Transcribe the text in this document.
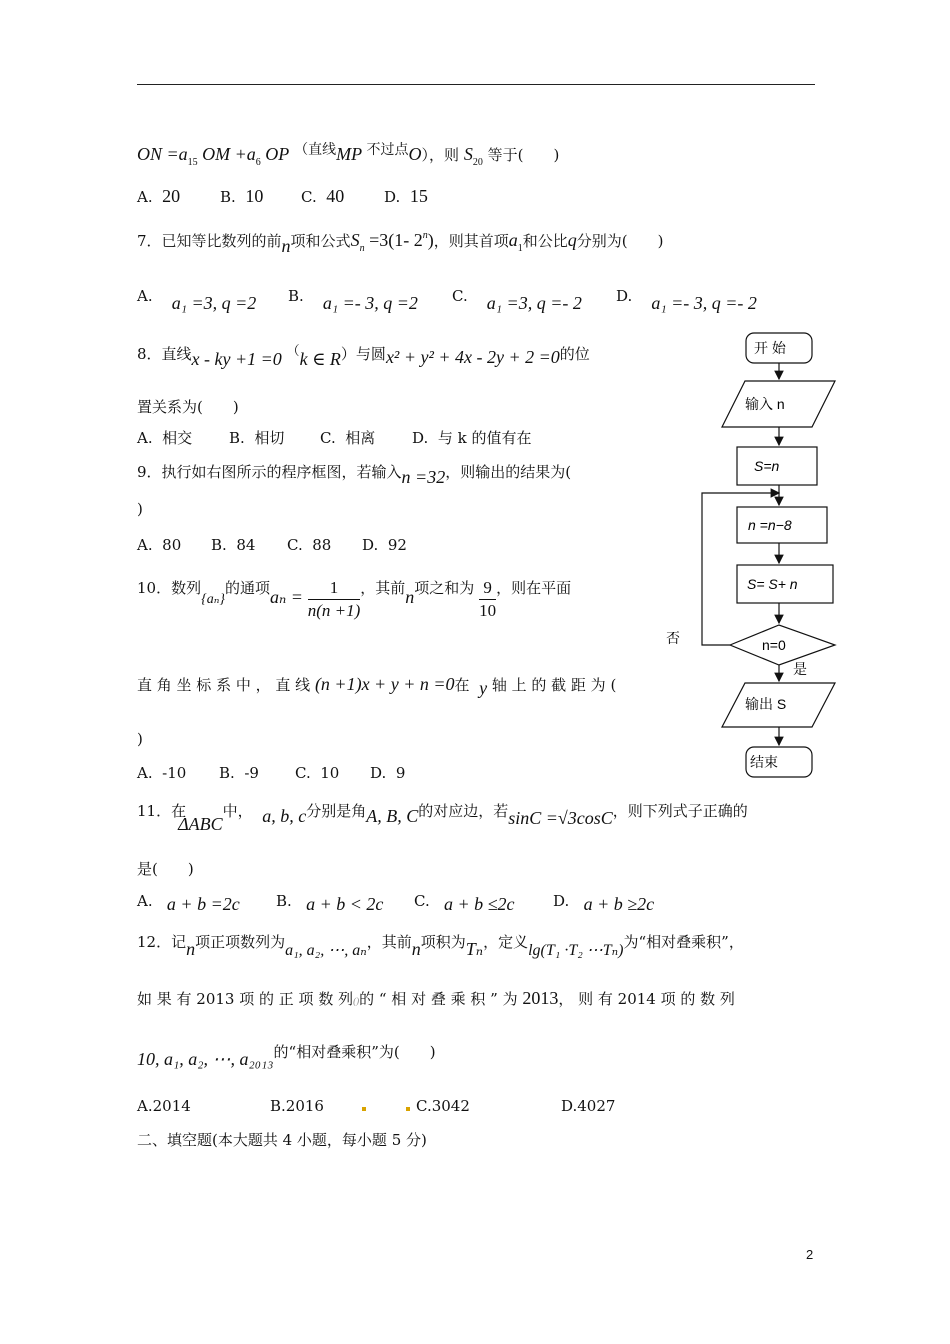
ON $=a_{15}$ OM $+a_6$ OP （直线MP 不过点O），则 $S_{20}$ 等于(　　)
A. 20	B. 10	C. 40	D. 15
7．已知等比数列的前n项和公式$S_n =3(1-$ 2$^n$)，则其首项$a_1$和公比q分别为(　　)
A. a₁ =3, q =2 B. a₁ =- 3, q =2 C. a₁ =3, q =- 2 D. a₁ =- 3, q =- 2
8．直线x - ky +1 =0 （k ∈ R）与圆x² + y² + 4x - 2y + 2 =0的位
置关系为(　　)
A. 相交 B. 相切 C. 相离 D. 与 k 的值有在
9．执行如右图所示的程序框图，若输入n =32，则输出的结果为(
)
A. 80 B. 84 C. 88 D. 92
10．数列{aₙ}的通项$a_n = \frac{1}{n(n +1)}$ ，其前n项之和为 $\frac{9}{10}$ ，则在平面
直 角 坐 标 系 中 ， 直 线 (n +1)x + y + n =0在 y 轴 上 的 截 距 为 (
)
A. -10 B. -9 C. 10 D. 9
11．在ΔABC中， a, b, c分别是角A, B, C的对应边，若sinC =√3cosC，则下列式子正确的
是(　　)
A. a + b =2c B. a + b < 2c C. a + b ≤2c	D. a + b ≥2c
12．记n项正项数列为a₁, a₂, ⋯, aₙ，其前n项积为Tₙ，定义lg(T₁ ·T₂ ⋯Tₙ)为“相对叠乘积”，
如 果 有 2013 项 的 正 项 数 列()的 “ 相 对 叠 乘 积 ” 为 2013， 则 有 2014 项 的 数 列
10, a₁, a₂, ⋯, a₂₀₁₃的“相对叠乘积”为(　　)
A.2014	B.2016	C.3042	D.4027
二、填空题(本大题共 4 小题，每小题 5 分)
开 始
输入 n
S=n
n =n−8
S= S+ n
n=0
否
是
输出 S
结束
2
